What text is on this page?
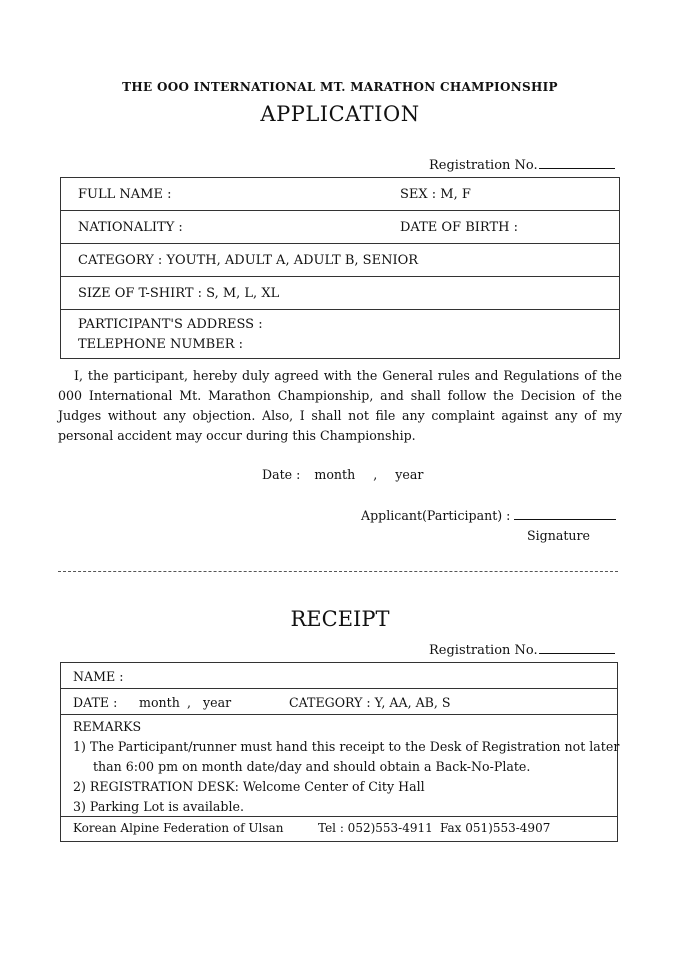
THE OOO INTERNATIONAL MT. MARATHON CHAMPIONSHIP
APPLICATION
Registration No.
FULL NAME :	SEX : M, F
NATIONALITY :	DATE OF BIRTH :
CATEGORY : YOUTH, ADULT A, ADULT B, SENIOR
SIZE OF T-SHIRT : S, M, L, XL
PARTICIPANT'S ADDRESS :
TELEPHONE NUMBER :

I, the participant, hereby duly agreed with the General rules and Regulations of the 000 International Mt. Marathon Championship, and shall follow the Decision of the Judges without any objection. Also, I shall not file any complaint against any of my personal accident may occur during this Championship.

Date : month , year
Applicant(Participant) :
Signature
RECEIPT
Registration No.
NAME :
DATE : month , year	CATEGORY : Y, AA, AB, S
REMARKS
1) The Participant/runner must hand this receipt to the Desk of Registration not later
than 6:00 pm on month date/day and should obtain a Back-No-Plate.
2) REGISTRATION DESK: Welcome Center of City Hall
3) Parking Lot is available.
Korean Alpine Federation of Ulsan	Tel : 052)553-4911 Fax 051)553-4907
